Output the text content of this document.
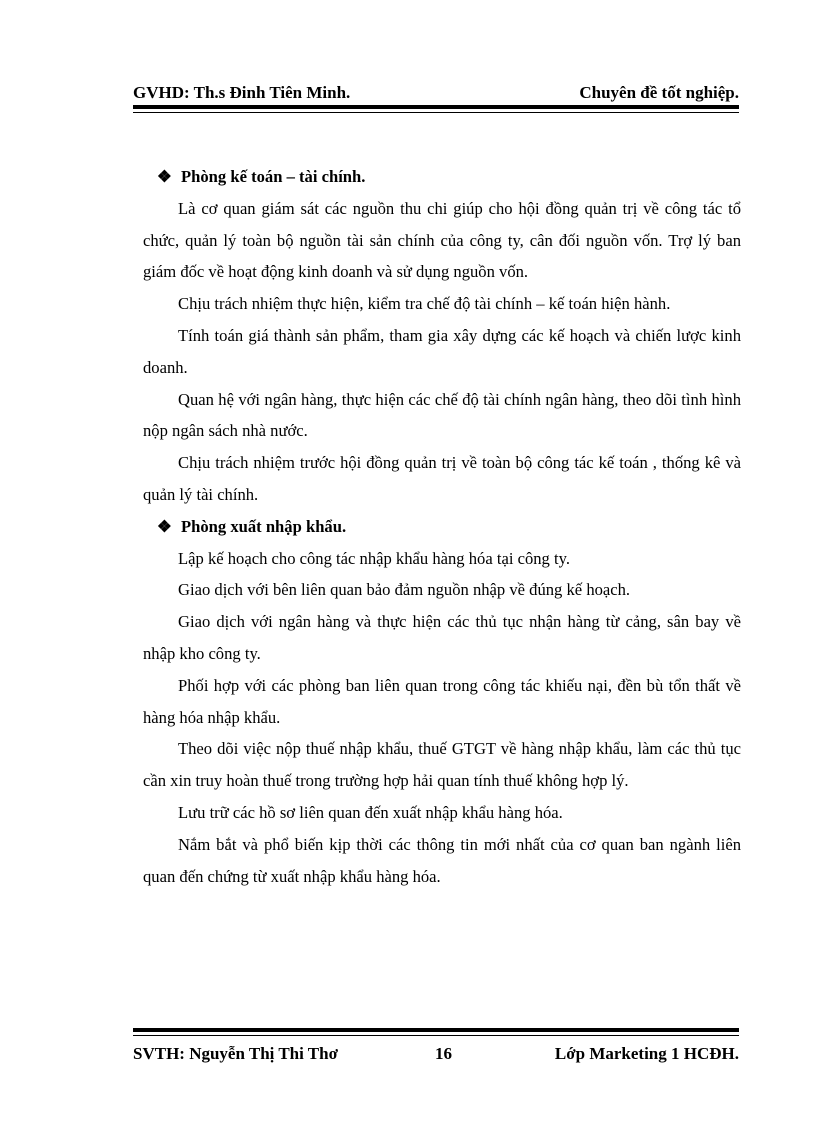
GVHD: Th.s Đinh Tiên Minh.	Chuyên đề tốt nghiệp.

❖ Phòng kế toán – tài chính.

Là cơ quan giám sát các nguồn thu chi giúp cho hội đồng quản trị về công tác tổ chức, quản lý toàn bộ nguồn tài sản chính của công ty, cân đối nguồn vốn. Trợ lý ban giám đốc về hoạt động kinh doanh và sử dụng nguồn vốn.

Chịu trách nhiệm thực hiện, kiểm tra chế độ tài chính – kế toán hiện hành.

Tính toán giá thành sản phẩm, tham gia xây dựng các kế hoạch và chiến lược kinh doanh.

Quan hệ với ngân hàng, thực hiện các chế độ tài chính ngân hàng, theo dõi tình hình nộp ngân sách nhà nước.

Chịu trách nhiệm trước hội đồng quản trị về toàn bộ công tác kế toán , thống kê và quản lý tài chính.

❖ Phòng xuất nhập khẩu.

Lập kế hoạch cho công tác nhập khẩu hàng hóa tại công ty.

Giao dịch với bên liên quan bảo đảm nguồn nhập về đúng kế hoạch.

Giao dịch với ngân hàng và thực hiện các thủ tục nhận hàng từ cảng, sân bay về nhập kho công ty.

Phối hợp với các phòng ban liên quan trong công tác khiếu nại, đền bù tổn thất về hàng hóa nhập khẩu.

Theo dõi việc nộp thuế nhập khẩu, thuế GTGT về hàng nhập khẩu, làm các thủ tục cần xin truy hoàn thuế trong trường hợp hải quan tính thuế không hợp lý.

Lưu trữ các hồ sơ liên quan đến xuất nhập khẩu hàng hóa.

Nắm bắt và phổ biến kịp thời các thông tin mới nhất của cơ quan ban ngành liên quan đến chứng từ xuất nhập khẩu hàng hóa.

SVTH: Nguyễn Thị Thi Thơ	16	Lớp Marketing 1 HCĐH.
